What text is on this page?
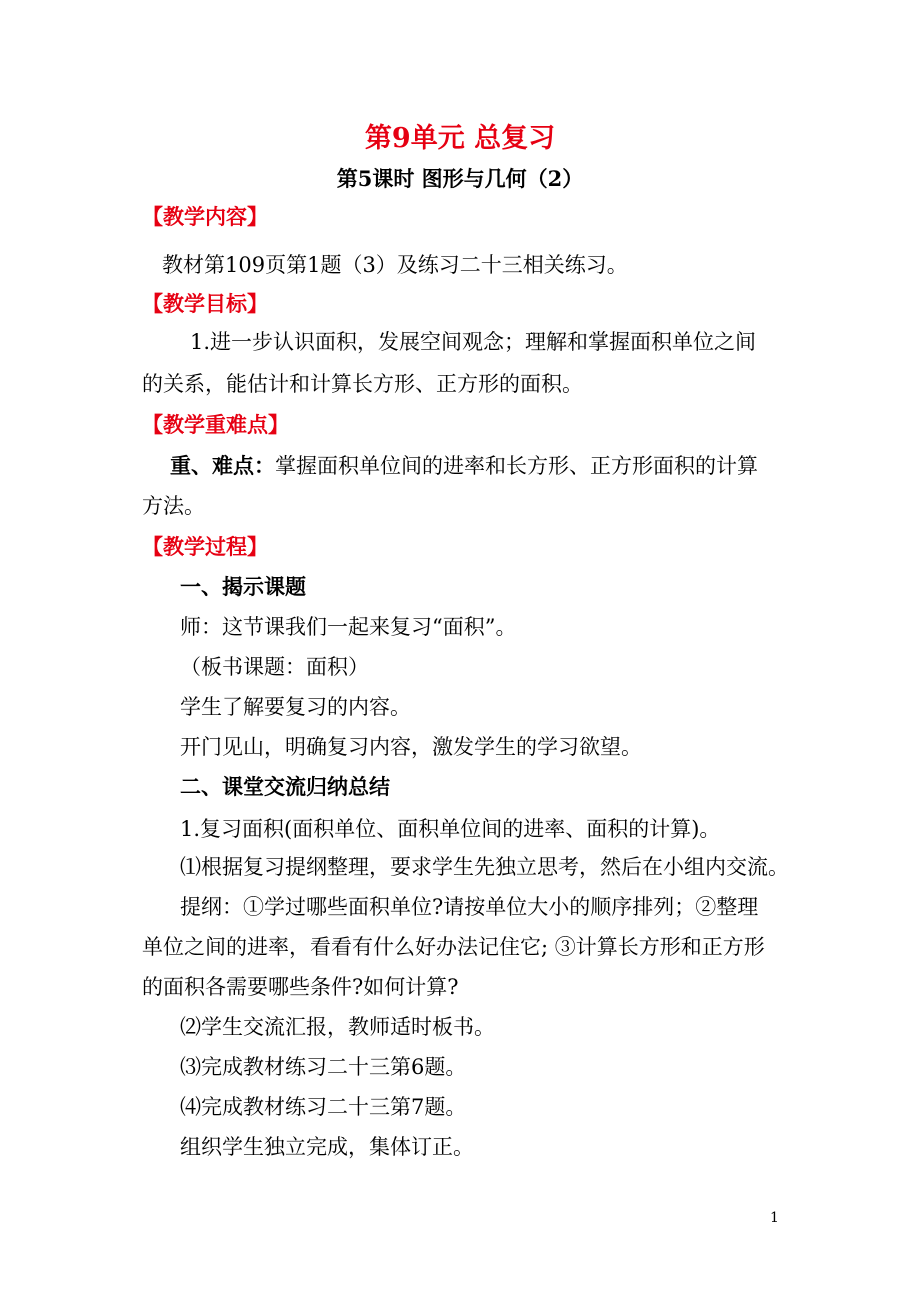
第9单元 总复习
第5课时 图形与几何（2）
【教学内容】
教材第109页第1题（3）及练习二十三相关练习。
【教学目标】
1.进一步认识面积，发展空间观念；理解和掌握面积单位之间
的关系，能估计和计算长方形、正方形的面积。
【教学重难点】
重、难点：掌握面积单位间的进率和长方形、正方形面积的计算
方法。
【教学过程】
一、揭示课题
师：这节课我们一起来复习“面积”。
（板书课题：面积）
学生了解要复习的内容。
开门见山，明确复习内容，激发学生的学习欲望。
二、课堂交流归纳总结
1.复习面积(面积单位、面积单位间的进率、面积的计算)。
⑴根据复习提纲整理，要求学生先独立思考，然后在小组内交流。
提纲：①学过哪些面积单位?请按单位大小的顺序排列；②整理
单位之间的进率，看看有什么好办法记住它; ③计算长方形和正方形
的面积各需要哪些条件?如何计算?
⑵学生交流汇报，教师适时板书。
⑶完成教材练习二十三第6题。
⑷完成教材练习二十三第7题。
组织学生独立完成，集体订正。
1
